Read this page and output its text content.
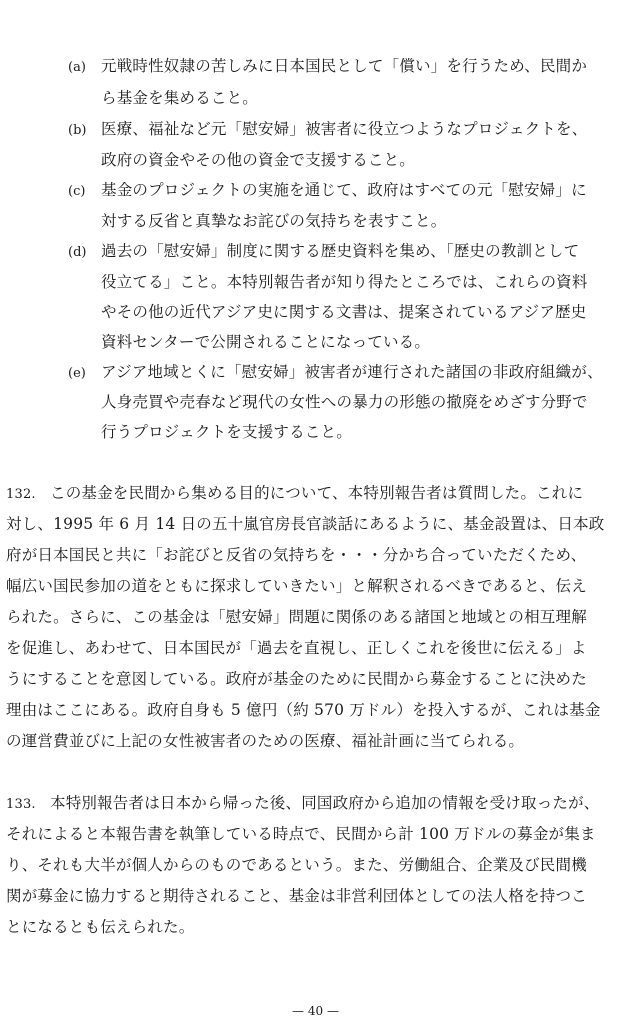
(a) 元戦時性奴隷の苦しみに日本国民として「償い」を行うため、民間か
ら基金を集めること。
(b) 医療、福祉など元「慰安婦」被害者に役立つようなプロジェクトを、
政府の資金やその他の資金で支援すること。
(c) 基金のプロジェクトの実施を通じて、政府はすべての元「慰安婦」に
対する反省と真摯なお詫びの気持ちを表すこと。
(d) 過去の「慰安婦」制度に関する歴史資料を集め、「歴史の教訓として
役立てる」こと。本特別報告者が知り得たところでは、これらの資料
やその他の近代アジア史に関する文書は、提案されているアジア歴史
資料センターで公開されることになっている。
(e) アジア地域とくに「慰安婦」被害者が連行された諸国の非政府組織が、
人身売買や売春など現代の女性への暴力の形態の撤廃をめざす分野で
行うプロジェクトを支援すること。
132. この基金を民間から集める目的について、本特別報告者は質問した。これに
対し、1995 年 6 月 14 日の五十嵐官房長官談話にあるように、基金設置は、日本政
府が日本国民と共に「お詫びと反省の気持ちを・・・分かち合っていただくため、
幅広い国民参加の道をともに探求していきたい」と解釈されるべきであると、伝え
られた。さらに、この基金は「慰安婦」問題に関係のある諸国と地域との相互理解
を促進し、あわせて、日本国民が「過去を直視し、正しくこれを後世に伝える」よ
うにすることを意図している。政府が基金のために民間から募金することに決めた
理由はここにある。政府自身も 5 億円（約 570 万ドル）を投入するが、これは基金
の運営費並びに上記の女性被害者のための医療、福祉計画に当てられる。
133. 本特別報告者は日本から帰った後、同国政府から追加の情報を受け取ったが、
それによると本報告書を執筆している時点で、民間から計 100 万ドルの募金が集ま
り、それも大半が個人からのものであるという。また、労働組合、企業及び民間機
関が募金に協力すると期待されること、基金は非営利団体としての法人格を持つこ
とになるとも伝えられた。
— 40 —
